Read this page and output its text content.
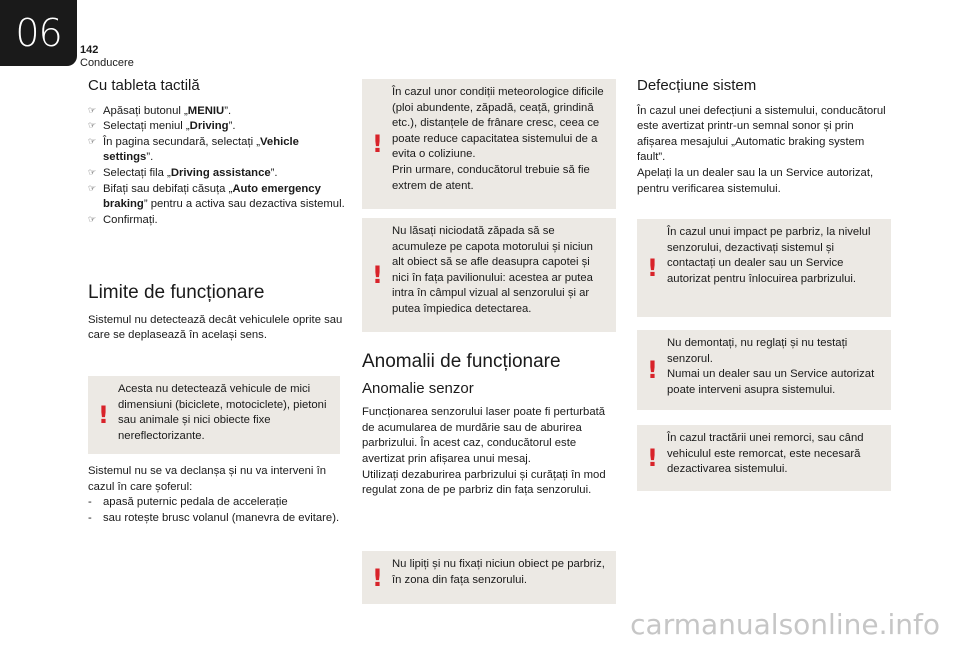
06	142
Conducere
Cu tableta tactilă
☞ Apăsați butonul „MENIU”.
☞ Selectați meniul „Driving”.
☞ În pagina secundară, selectați „Vehicle settings”.
☞ Selectați fila „Driving assistance”.
☞ Bifați sau debifați căsuța „Auto emergency braking” pentru a activa sau dezactiva sistemul.
☞ Confirmați.
Limite de funcționare

Sistemul nu detectează decât vehiculele oprite sau care se deplasează în același sens.

!

Acesta nu detectează vehicule de mici dimensiuni (biciclete, motociclete), pietoni sau animale și nici obiecte fixe nereflectorizante.

Sistemul nu se va declanșa și nu va interveni în cazul în care șoferul:

- apasă puternic pedala de accelerație
- sau rotește brusc volanul (manevra de evitare).
!

În cazul unor condiții meteorologice dificile (ploi abundente, zăpadă, ceață, grindină etc.), distanțele de frânare cresc, ceea ce poate reduce capacitatea sistemului de a evita o coliziune.
Prin urmare, conducătorul trebuie să fie extrem de atent.

!

Nu lăsați niciodată zăpada să se acumuleze pe capota motorului și niciun alt obiect să se afle deasupra capotei și nici în fața pavilionului: acestea ar putea intra în câmpul vizual al senzorului și ar putea împiedica detectarea.

Anomalii de funcționare
Anomalie senzor

Funcționarea senzorului laser poate fi perturbată de acumularea de murdărie sau de aburirea parbrizului. În acest caz, conducătorul este avertizat prin afișarea unui mesaj.
Utilizați dezaburirea parbrizului și curățați în mod regulat zona de pe parbriz din fața senzorului.

! Nu lipiți și nu fixați niciun obiect pe parbriz, în zona din fața senzorului.

Defecțiune sistem

În cazul unei defecțiuni a sistemului, conducătorul este avertizat printr-un semnal sonor și prin afișarea mesajului „Automatic braking system fault”.
Apelați la un dealer sau la un Service autorizat, pentru verificarea sistemului.

!

În cazul unui impact pe parbriz, la nivelul senzorului, dezactivați sistemul și contactați un dealer sau un Service autorizat pentru înlocuirea parbrizului.

!

Nu demontați, nu reglați și nu testați senzorul.
Numai un dealer sau un Service autorizat poate interveni asupra sistemului.

!

În cazul tractării unei remorci, sau când vehiculul este remorcat, este necesară dezactivarea sistemului.

carmanualsonline.info
